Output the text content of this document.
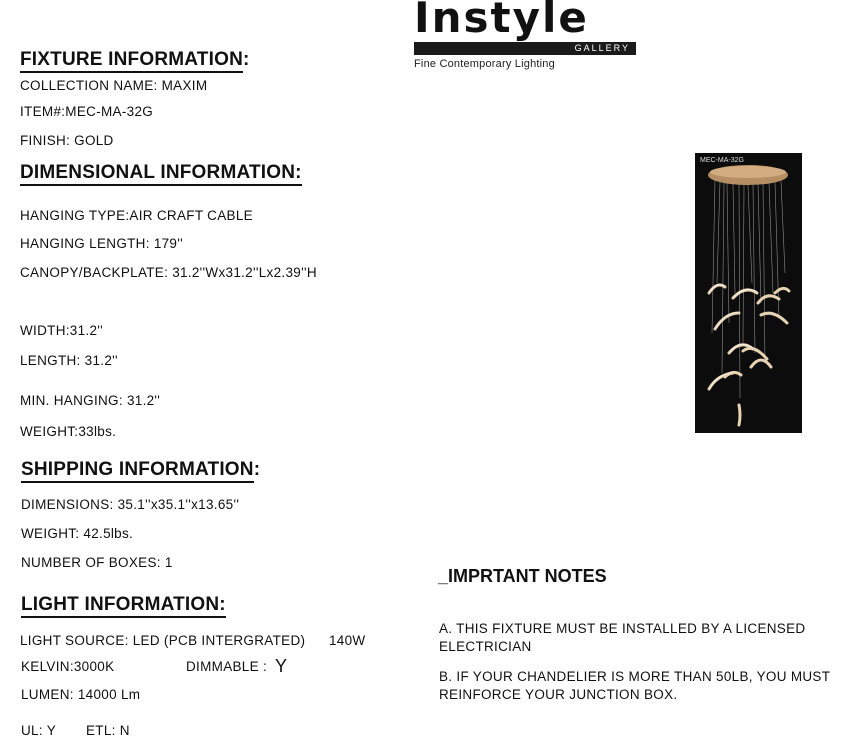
Instyle
GALLERY
Fine Contemporary Lighting
FIXTURE INFORMATION:
COLLECTION NAME: MAXIM
ITEM#:MEC-MA-32G
FINISH: GOLD
DIMENSIONAL INFORMATION:
HANGING TYPE:AIR CRAFT CABLE
HANGING LENGTH: 179''
CANOPY/BACKPLATE: 31.2''Wx31.2''Lx2.39''H
WIDTH:31.2''
LENGTH: 31.2''
MIN. HANGING: 31.2''
WEIGHT:33lbs.
SHIPPING INFORMATION:
DIMENSIONS: 35.1''x35.1''x13.65''
WEIGHT: 42.5lbs.
NUMBER OF BOXES: 1
LIGHT INFORMATION:
LIGHT SOURCE: LED (PCB INTERGRATED) 140W
KELVIN:3000K	DIMMABLE : Y
LUMEN: 14000 Lm
UL: Y ETL: N
_IMPRTANT NOTES
A. THIS FIXTURE MUST BE INSTALLED BY A LICENSED ELECTRICIAN
B. IF YOUR CHANDELIER IS MORE THAN 50LB, YOU MUST REINFORCE YOUR JUNCTION BOX.
MEC-MA-32G
